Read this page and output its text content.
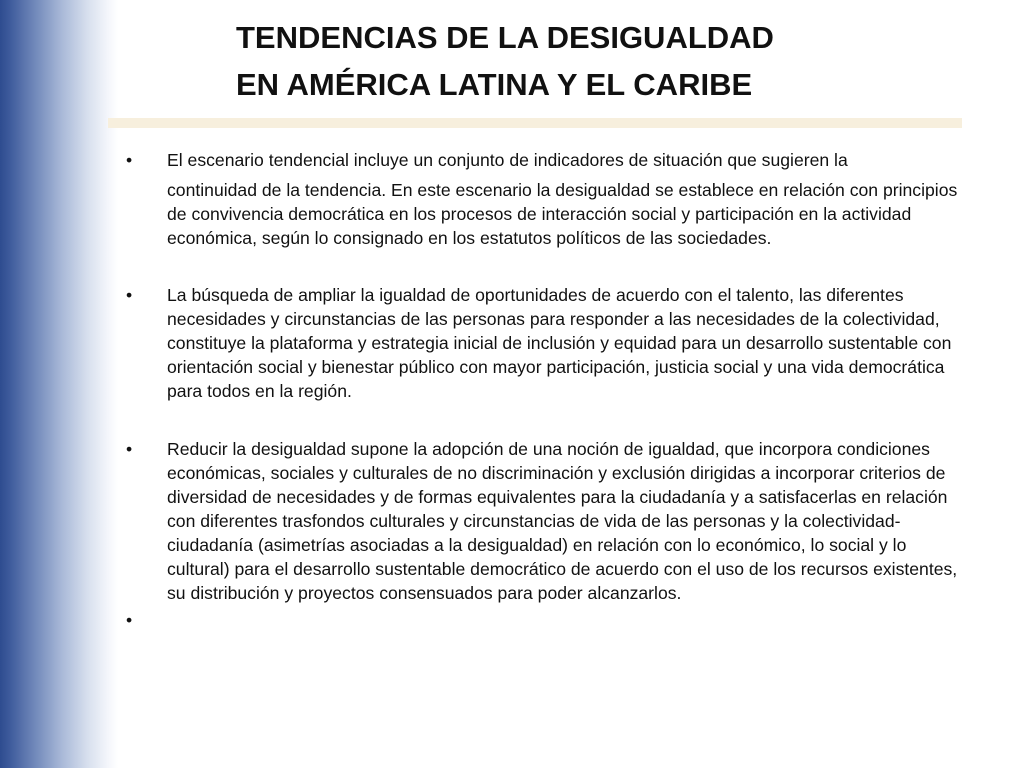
TENDENCIAS DE LA DESIGUALDAD
EN AMÉRICA LATINA Y EL CARIBE
• El escenario tendencial incluye un conjunto de indicadores de situación que sugieren la
continuidad de la tendencia. En este escenario la desigualdad se establece en relación con principios de convivencia democrática en los procesos de interacción social y participación en la actividad económica, según lo consignado en los estatutos políticos de las sociedades.
• La búsqueda de ampliar la igualdad de oportunidades de acuerdo con el talento, las diferentes necesidades y circunstancias de las personas para responder a las necesidades de la colectividad, constituye la plataforma y estrategia inicial de inclusión y equidad para un desarrollo sustentable con orientación social y bienestar público con mayor participación, justicia social y una vida democrática para todos en la región.
• Reducir la desigualdad supone la adopción de una noción de igualdad, que incorpora condiciones económicas, sociales y culturales de no discriminación y exclusión dirigidas a incorporar criterios de diversidad de necesidades y de formas equivalentes para la ciudadanía y a satisfacerlas en relación con diferentes trasfondos culturales y circunstancias de vida de las personas y la colectividad-ciudadanía (asimetrías asociadas a la desigualdad) en relación con lo económico, lo social y lo cultural) para el desarrollo sustentable democrático de acuerdo con el uso de los recursos existentes, su distribución y proyectos consensuados para poder alcanzarlos.
•
